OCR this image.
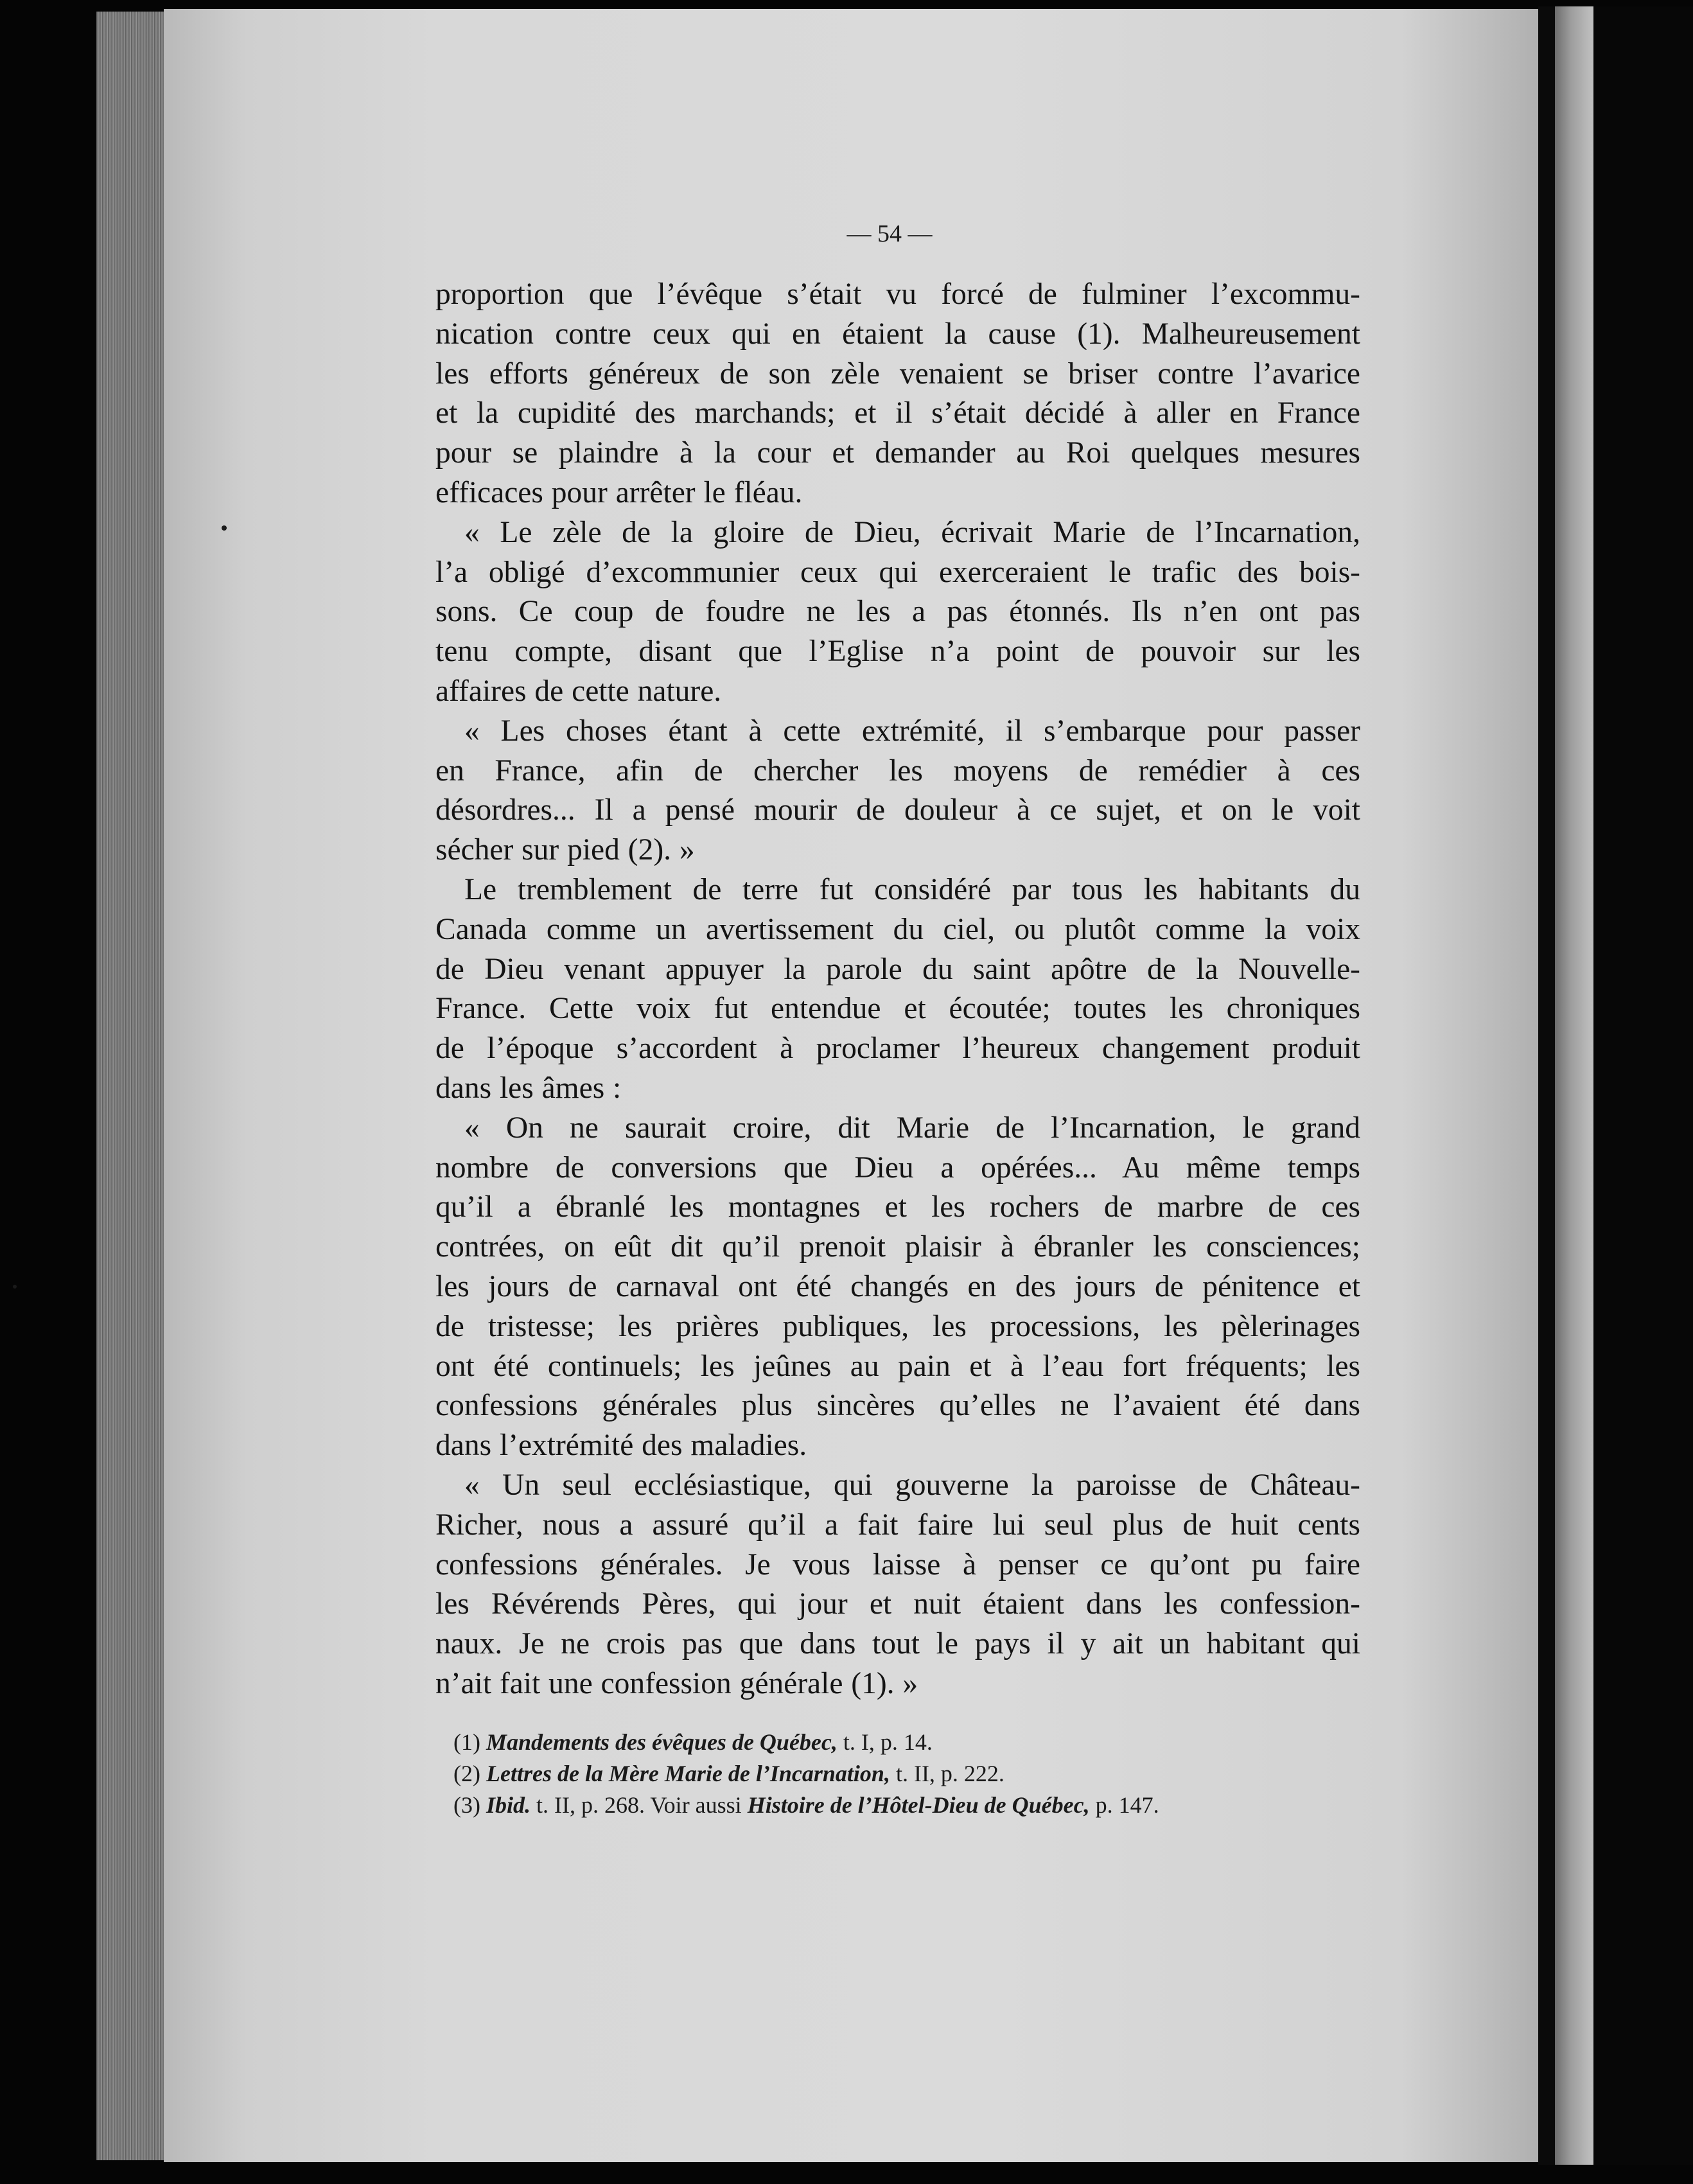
— 54 —

proportion que l’évêque s’était vu forcé de fulminer l’excommu-
nication contre ceux qui en étaient la cause (1). Malheureusement
les efforts généreux de son zèle venaient se briser contre l’avarice
et la cupidité des marchands; et il s’était décidé à aller en France
pour se plaindre à la cour et demander au Roi quelques mesures
efficaces pour arrêter le fléau.

« Le zèle de la gloire de Dieu, écrivait Marie de l’Incarnation,
l’a obligé d’excommunier ceux qui exerceraient le trafic des bois-
sons. Ce coup de foudre ne les a pas étonnés. Ils n’en ont pas
tenu compte, disant que l’Eglise n’a point de pouvoir sur les
affaires de cette nature.

« Les choses étant à cette extrémité, il s’embarque pour passer
en France, afin de chercher les moyens de remédier à ces
désordres... Il a pensé mourir de douleur à ce sujet, et on le voit
sécher sur pied (2). »

Le tremblement de terre fut considéré par tous les habitants du
Canada comme un avertissement du ciel, ou plutôt comme la voix
de Dieu venant appuyer la parole du saint apôtre de la Nouvelle-
France. Cette voix fut entendue et écoutée; toutes les chroniques
de l’époque s’accordent à proclamer l’heureux changement produit
dans les âmes :

« On ne saurait croire, dit Marie de l’Incarnation, le grand
nombre de conversions que Dieu a opérées... Au même temps
qu’il a ébranlé les montagnes et les rochers de marbre de ces
contrées, on eût dit qu’il prenoit plaisir à ébranler les consciences;
les jours de carnaval ont été changés en des jours de pénitence et
de tristesse; les prières publiques, les processions, les pèlerinages
ont été continuels; les jeûnes au pain et à l’eau fort fréquents; les
confessions générales plus sincères qu’elles ne l’avaient été dans
dans l’extrémité des maladies.

« Un seul ecclésiastique, qui gouverne la paroisse de Château-
Richer, nous a assuré qu’il a fait faire lui seul plus de huit cents
confessions générales. Je vous laisse à penser ce qu’ont pu faire
les Révérends Pères, qui jour et nuit étaient dans les confession-
naux. Je ne crois pas que dans tout le pays il y ait un habitant qui
n’ait fait une confession générale (1). »

(1) Mandements des évêques de Québec, t. I, p. 14.

(2) Lettres de la Mère Marie de l’Incarnation, t. II, p. 222.

(3) Ibid. t. II, p. 268. Voir aussi Histoire de l’Hôtel-Dieu de Québec, p. 147.
